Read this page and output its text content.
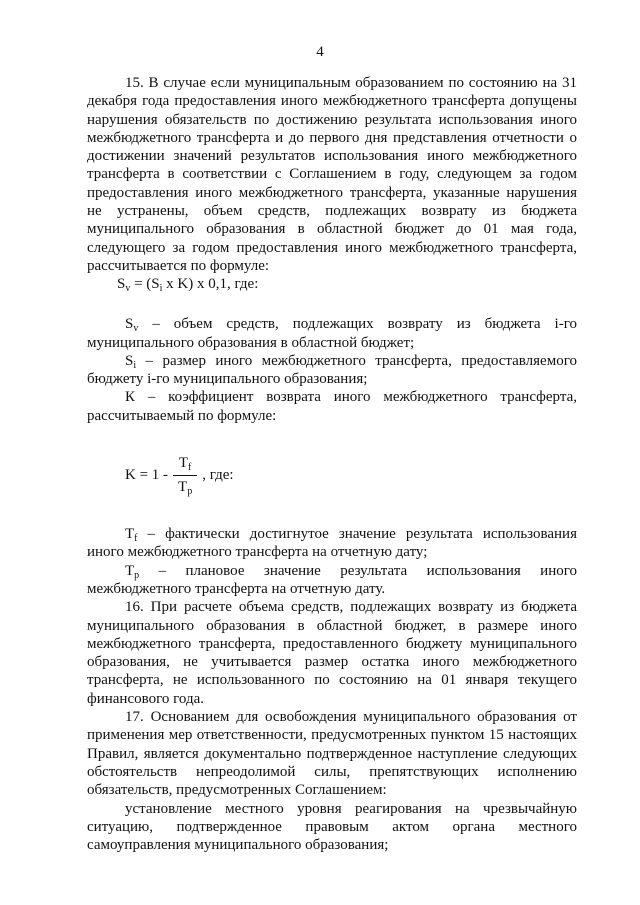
4

15. В случае если муниципальным образованием по состоянию на 31 декабря года предоставления иного межбюджетного трансферта допущены нарушения обязательств по достижению результата использования иного межбюджетного трансферта и до первого дня представления отчетности о достижении значений результатов использования иного межбюджетного трансферта в соответствии с Соглашением в году, следующем за годом предоставления иного межбюджетного трансферта, указанные нарушения не устранены, объем средств, подлежащих возврату из бюджета муниципального образования в областной бюджет до 01 мая года, следующего за годом предоставления иного межбюджетного трансферта, рассчитывается по формуле:

$S_v = (S_i$ x K) x 0,1, где:

$S_v$ – объем средств, подлежащих возврату из бюджета i-го муниципального образования в областной бюджет;

$S_i$ – размер иного межбюджетного трансферта, предоставляемого бюджету i-го муниципального образования;

К – коэффициент возврата иного межбюджетного трансферта, рассчитываемый по формуле:

$K = 1 - \frac{T_f}{T_p}$ , где:

$T_f$ – фактически достигнутое значение результата использования иного межбюджетного трансферта на отчетную дату;

$T_p$ – плановое значение результата использования иного межбюджетного трансферта на отчетную дату.

16. При расчете объема средств, подлежащих возврату из бюджета муниципального образования в областной бюджет, в размере иного межбюджетного трансферта, предоставленного бюджету муниципального образования, не учитывается размер остатка иного межбюджетного трансферта, не использованного по состоянию на 01 января текущего финансового года.

17. Основанием для освобождения муниципального образования от применения мер ответственности, предусмотренных пунктом 15 настоящих Правил, является документально подтвержденное наступление следующих обстоятельств непреодолимой силы, препятствующих исполнению обязательств, предусмотренных Соглашением:

установление местного уровня реагирования на чрезвычайную ситуацию, подтвержденное правовым актом органа местного самоуправления муниципального образования;
